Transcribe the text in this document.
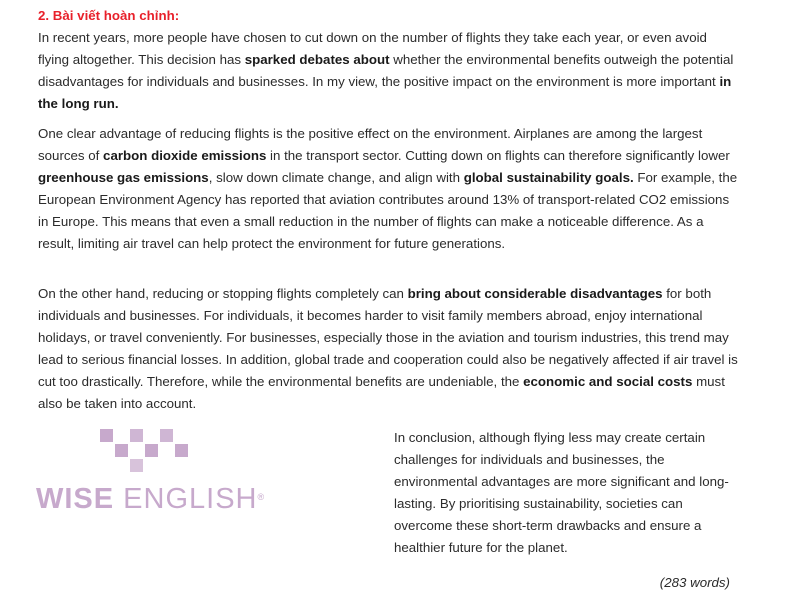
2. Bài viết hoàn chỉnh:

In recent years, more people have chosen to cut down on the number of flights they take each year, or even avoid flying altogether. This decision has sparked debates about whether the environmental benefits outweigh the potential disadvantages for individuals and businesses. In my view, the positive impact on the environment is more important in the long run.

One clear advantage of reducing flights is the positive effect on the environment. Airplanes are among the largest sources of carbon dioxide emissions in the transport sector. Cutting down on flights can therefore significantly lower greenhouse gas emissions, slow down climate change, and align with global sustainability goals. For example, the European Environment Agency has reported that aviation contributes around 13% of transport-related CO2 emissions in Europe. This means that even a small reduction in the number of flights can make a noticeable difference. As a result, limiting air travel can help protect the environment for future generations.

On the other hand, reducing or stopping flights completely can bring about considerable disadvantages for both individuals and businesses. For individuals, it becomes harder to visit family members abroad, enjoy international holidays, or travel conveniently. For businesses, especially those in the aviation and tourism industries, this trend may lead to serious financial losses. In addition, global trade and cooperation could also be negatively affected if air travel is cut too drastically. Therefore, while the environmental benefits are undeniable, the economic and social costs must also be taken into account.

WISE ENGLISH®

In conclusion, although flying less may create certain challenges for individuals and businesses, the environmental advantages are more significant and long-lasting. By prioritising sustainability, societies can overcome these short-term drawbacks and ensure a healthier future for the planet.

(283 words)
